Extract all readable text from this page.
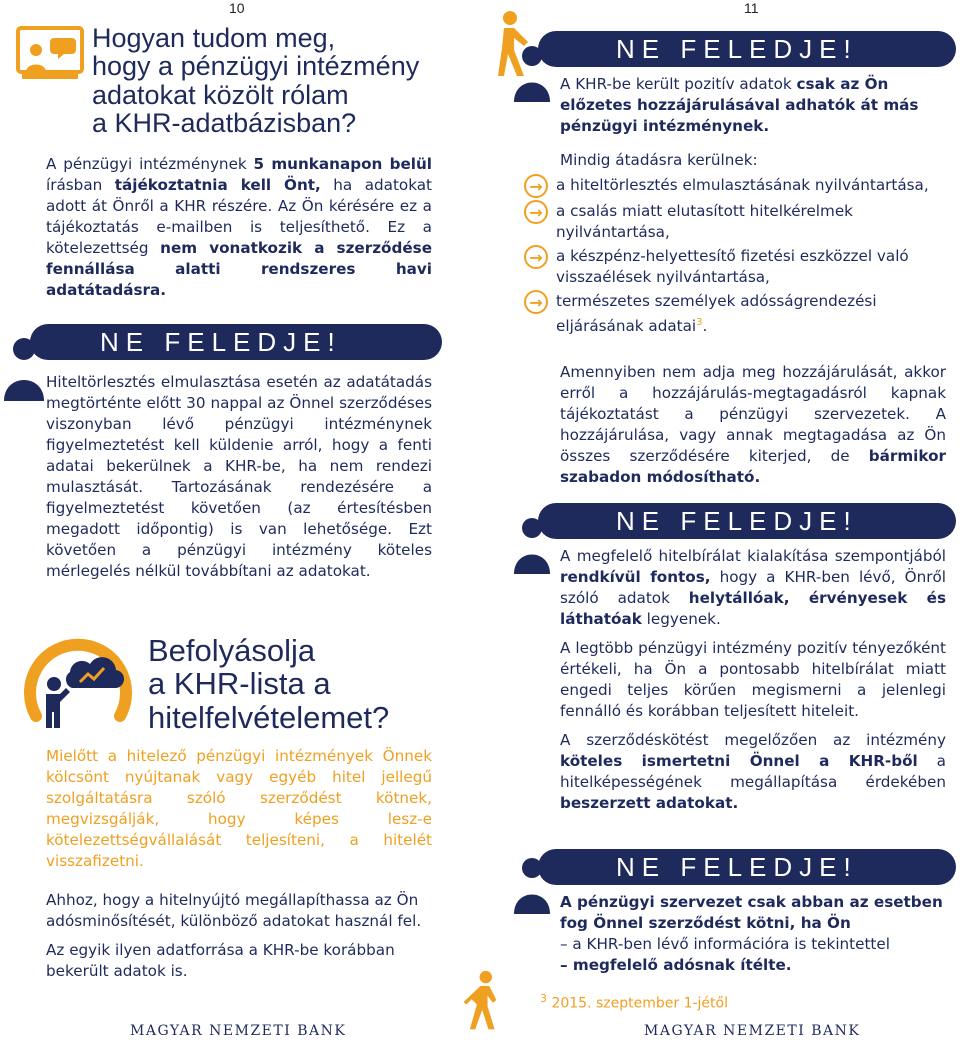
10
Hogyan tudom meg,
hogy a pénzügyi intézmény
adatokat közölt rólam
a KHR-adatbázisban?

A pénzügyi intézménynek 5 munkanapon belül írásban tájékoztatnia kell Önt, ha adatokat adott át Önről a KHR részére. Az Ön kérésére ez a tájékoztatás e-mailben is teljesíthető. Ez a kötelezettség nem vonatkozik a szerződése fennállása alatti rendszeres havi adatátadásra.

NE FELEDJE!
Hiteltörlesztés elmulasztása esetén az adatátadás megtörténte előtt 30 nappal az Önnel szerződéses viszonyban lévő pénzügyi intézménynek figyelmeztetést kell küldenie arról, hogy a fenti adatai bekerülnek a KHR-be, ha nem rendezi mulasztását. Tartozásának rendezésére a figyelmeztetést követően (az értesítésben megadott időpontig) is van lehetősége. Ezt követően a pénzügyi intézmény köteles mérlegelés nélkül továbbítani az adatokat.
Befolyásolja
a KHR-lista a
hitelfelvételemet?
Mielőtt a hitelező pénzügyi intézmények Önnek kölcsönt nyújtanak vagy egyéb hitel jellegű szolgáltatásra szóló szerződést kötnek, megvizsgálják, hogy képes lesz-e kötelezettségvállalását teljesíteni, a hitelét visszafizetni.

Ahhoz, hogy a hitelnyújtó megállapíthassa az Ön adósminősítését, különböző adatokat használ fel.

Az egyik ilyen adatforrása a KHR-be korábban bekerült adatok is.

MAGYAR NEMZETI BANK
11
NE FELEDJE!

A KHR-be került pozitív adatok csak az Ön előzetes hozzájárulásával adhatók át más pénzügyi intézménynek.

Mindig átadásra kerülnek:

→ a hiteltörlesztés elmulasztásának nyilvántartása,
→ a csalás miatt elutasított hitelkérelmek nyilvántartása,
→ a készpénz-helyettesítő fizetési eszközzel való visszaélések nyilvántartása,
→ természetes személyek adósságrendezési eljárásának adatai$^3$.

Amennyiben nem adja meg hozzájárulását, akkor erről a hozzájárulás-megtagadásról kapnak tájékoztatást a pénzügyi szervezetek. A hozzájárulása, vagy annak megtagadása az Ön összes szerződésére kiterjed, de bármikor szabadon módosítható.

NE FELEDJE!

A megfelelő hitelbírálat kialakítása szempontjából rendkívül fontos, hogy a KHR-ben lévő, Önről szóló adatok helytállóak, érvényesek és láthatóak legyenek.

A legtöbb pénzügyi intézmény pozitív tényezőként értékeli, ha Ön a pontosabb hitelbírálat miatt engedi teljes körűen megismerni a jelenlegi fennálló és korábban teljesített hiteleit.

A szerződéskötést megelőzően az intézmény köteles ismertetni Önnel a KHR-ből a hitelképességének megállapítása érdekében beszerzett adatokat.

NE FELEDJE!

A pénzügyi szervezet csak abban az esetben fog Önnel szerződést kötni, ha Ön

– a KHR-ben lévő információra is tekintettel

– megfelelő adósnak ítélte.

$^3$ 2015. szeptember 1-jétől
MAGYAR NEMZETI BANK
